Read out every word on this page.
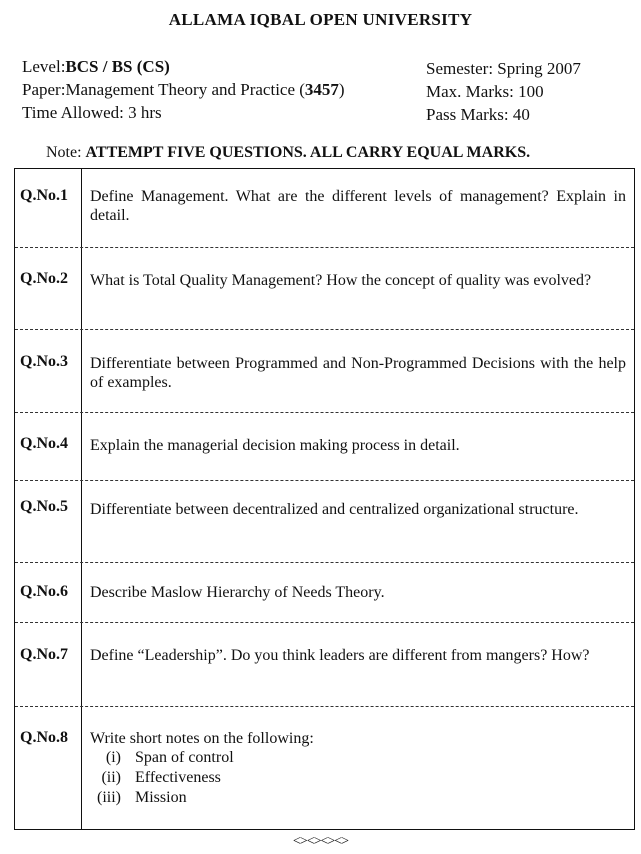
ALLAMA IQBAL OPEN UNIVERSITY
Level:BCS / BS (CS)
Paper:Management Theory and Practice (3457)
Time Allowed: 3 hrs
Semester: Spring 2007
Max. Marks: 100
Pass Marks: 40
Note: ATTEMPT FIVE QUESTIONS. ALL CARRY EQUAL MARKS.
Q.No.1	Define Management. What are the different levels of management? Explain in detail.
Q.No.2	What is Total Quality Management? How the concept of quality was evolved?
Q.No.3	Differentiate between Programmed and Non-Programmed Decisions with the help of examples.
Q.No.4	Explain the managerial decision making process in detail.
Q.No.5	Differentiate between decentralized and centralized organizational structure.
Q.No.6	Describe Maslow Hierarchy of Needs Theory.
Q.No.7	Define “Leadership”. Do you think leaders are different from mangers? How?
Q.No.8	Write short notes on the following:
(i) Span of control
(ii) Effectiveness
(iii) Mission
<><><><>
